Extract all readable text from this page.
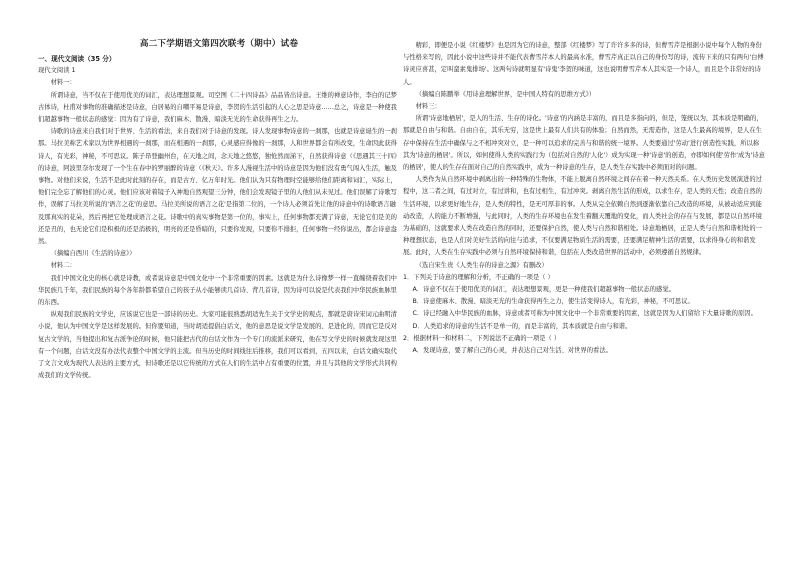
高二下学期语文第四次联考（期中）试卷

一、现代文阅读（35 分）

现代文阅读 1

材料一：

所谓诗意，当不仅在于使用优美的词汇，表达理想景观。司空图《二十四诗品》品品皆出诗意。王维的禅意诗作，李白的记梦古体诗，杜甫对事物的准确描述是诗意，白居易的自嘲平易是诗意，李贺的生活引起的人心之思是诗意……总之，诗意是一种使我们超越事物一般状态的感觉：因为有了诗意，我们麻木、散漫、暗淡无光的生命获得再生之力。

诗歌的诗意来自我们对于世界、生活的看法，来自我们对于诗意的发现。诗人发现事物诗意的一刹那，也就是诗意诞生的一刹那。马拉美称艺术家以为世界相遇的一刹那，而在相遇的一刹那，心灵感应得像的一刹那，人和世界都会有所改变，生命因此获得诗人，有光彩，神秘，不可思议。陈子昂登幽州台，在天地之间，念天地之悠悠，独怆然而涕下，自然获得诗意（《思遇其三十四》的诗意，阿波里奈尔发现了一个生在春中的罗丽醉的诗意（《秋天》。许多人漫视生活中的诗意是因为他们没有勇气闯入生活，触及事物。对他们来说，生活不是此时此刻的存在，而是古方、亿万年时光。他们认为只有物理时空能够给他们距离和词汇，实际上，他们完全忘了解他们的心灵。他们应该对着镜子入神地自然观望三分钟，他们会发现镜子里的人他们从未见过。他们误解了诗歌写作，误解了马拉美所说的'语言之花'的意思。马拉美所说的语言之花'是指第二位的，一个诗人必须首先让他的诗意中的诗歌语言融及那真实的花朵，然后再把它处理成语言之花。诗歌中的真实事物是第一位的，事实上，任何事物都充满了诗意，无论它们是美的还是丑的，也无论它们是积极的还是消极的，明亮的还是昏暗的，只要你发现，只要你不排拒，任何事物一经你说出，都会诗意盎然。

（摘编自西川《生活的诗意》）

材料二：

我们中国文化史的核心就是诗教，或者说诗意是中国文化中一个非常重要的因素。这就是为什么诗像梦一样一直缠绕着我们中华民族几千年，我们民族的每个各年龄都希望自己的孩子从小能够读几首诗、背几首诗，因为诗可以说是代表我们中华民族血脉里的东西。

纵观我们民族的文学史，应该说它也是一部诗的历史。大家可能很熟悉胡适先生关于文学史的观点，那就是唐诗宋词元曲明清小说，他认为中国文学是这样发展的。但你要知道，当时胡适提倡白话文，他的意思是说文学是发展的、是进化的，因而它是反对复古文学的，当他提出和复古派争论的时候，他只能把古代的白话文作为一个专门的流派来研究，他在写文学史的时候就发现这里有一个问题，白话文没有办法代表整个中国文学的主流。但当历史的时间线往后推移，我们可以看到，五四以来，白话文确实取代了文言文成为现代人表达的主要方式，但诗歌还是以它传统的方式在人们的生活中占有重要的位置，并且与其他的文学形式共同构成我们的文学传统。

精彩，即便是小说《红楼梦》也是因为它的诗意，整部《红楼梦》写了许许多多的诗，但曹雪芹是根据小说中每个人物的身份与性格来写的，因此小说中这些诗并不能代表曹雪芹本人的最高水准，曹雪芹真正以自己的身份写的诗，流传下来的只有两句'白傅诗灵应喜甚，定叫蛮素鬼排场'。这两句诗就明显有'诗鬼'李贺的味道，这也说明曹雪芹本人其实是一个诗人，而且是个非常好的诗人。

（摘编自陈鹏举《用诗意理解世界，是中国人特有的思维方式》）

材料三：

所谓'诗意地栖居'，是人的生活、生存的诗化。'诗意'的内涵是丰富的，而且是多指向的，但是，笼统以为，其本质是明确的，那就是自由与和谐。自由自在，其乐无穷，这是世上最有人们共有的体验；自然而然，无需造作，这是人生最高的境界，是人在生存中保持在生活中确保与之不相冲突对立，是一种可以追求的完善与和谐的统一境界。人类要通过'劳动'进行创造性实践，所以称其为'诗意的栖居'。所以，如何使得人类的实践行为（包括对自然的'人化'）成为实现一种'诗意'的创造，亦即如何使'劳作'成为'诗意的栖居'，使人的生存在面对自己的自然实践中，成为一种诗意的生存，是人类生存实践中必须面对的问题。

人类作为从自然环境中剥离出的一种特殊的生物体，不能上脱离自然环境之间存在着一种天然关系。在人类历史发展演进的过程中，这二者之间，有过对立，有过讲和，也有过相生，有过冲突。剥离自然生活的形成，以求生存，是人类的天性；改造自然的生活环境，以求更好地生存，是人类的特性，是无可厚非的事。人类从完全依赖自然到逐渐依靠自己改造的环境，从被动适应到能动改造，人的能力不断增强，与此同时，人类的生存环境也在发生着翻天覆地的变化，而人类社会的存在与发展，都是以自然环境为基础的，这就要求人类在改造自然的同时，还要保护自然，使人类与自然和谐相处。诗意地栖居，正是人类与自然和谐相处的一种理想状态，也是人们对美好生活的向往与追求，不仅要满足物质生活的需要，还要满足精神生活的需要，以求得身心的和谐发展。此时，人类在生存实践中必须与自然环境保持和谐，包括在人类改造世界的活动中，必须遵循自然规律。

（选自宋生贵《人类生存的诗意之源》有删改）

1．下列关于诗意的理解和分析，不正确的一项是（ ）

A．诗意不仅在于使用优美的词汇，表达理想景观，更是一种使我们超越事物一般状态的感觉。

B．诗意使麻木、散漫、暗淡无光的生命获得再生之力，使生活变得诗人，有光彩，神秘，不可思议。

C．诗已经融入中华民族的血脉，诗意或者可称为中国文化中一个非常重要的因素，这就是因为人们留给下大量诗歌的原因。

D．人类追求的诗意的生活不是单一的，而是丰富的，其本质就是自由与和谐。

2．根据材料一和材料二，下列说法不正确的一项是（ ）

A．发现诗意，要了解自己的心灵，并表达自己对生活、对世界的看法。
